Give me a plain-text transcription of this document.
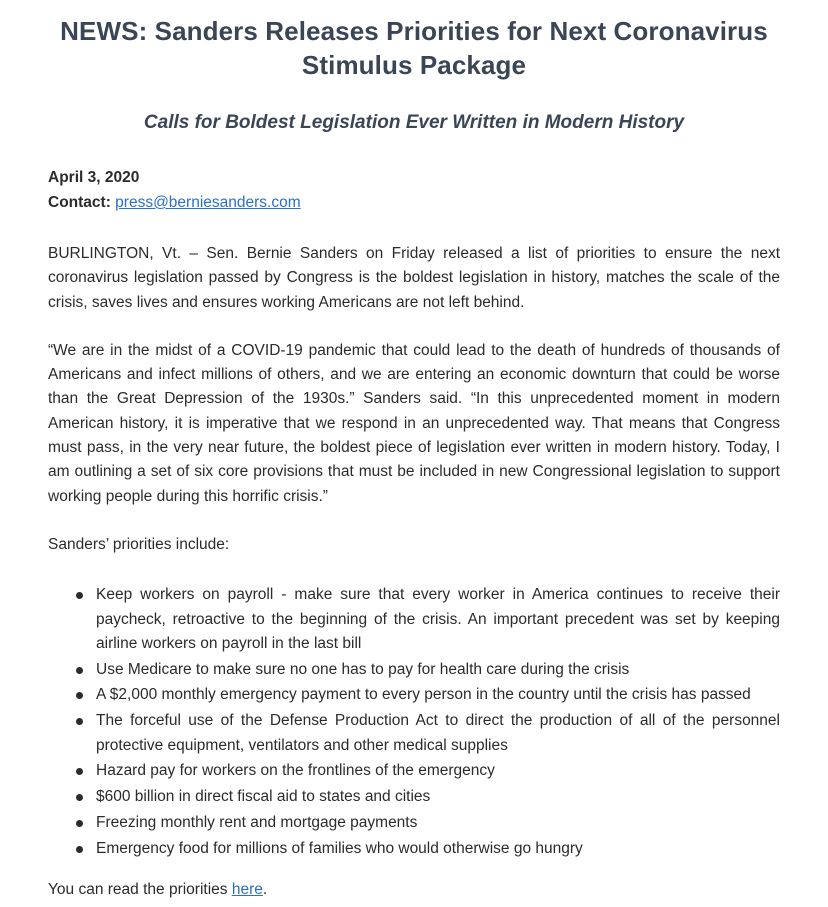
NEWS: Sanders Releases Priorities for Next Coronavirus Stimulus Package
Calls for Boldest Legislation Ever Written in Modern History
April 3, 2020
Contact: press@berniesanders.com

BURLINGTON, Vt. – Sen. Bernie Sanders on Friday released a list of priorities to ensure the next coronavirus legislation passed by Congress is the boldest legislation in history, matches the scale of the crisis, saves lives and ensures working Americans are not left behind.

“We are in the midst of a COVID-19 pandemic that could lead to the death of hundreds of thousands of Americans and infect millions of others, and we are entering an economic downturn that could be worse than the Great Depression of the 1930s.” Sanders said. “In this unprecedented moment in modern American history, it is imperative that we respond in an unprecedented way. That means that Congress must pass, in the very near future, the boldest piece of legislation ever written in modern history. Today, I am outlining a set of six core provisions that must be included in new Congressional legislation to support working people during this horrific crisis.”

Sanders’ priorities include:

Keep workers on payroll - make sure that every worker in America continues to receive their paycheck, retroactive to the beginning of the crisis. An important precedent was set by keeping airline workers on payroll in the last bill
Use Medicare to make sure no one has to pay for health care during the crisis
A $2,000 monthly emergency payment to every person in the country until the crisis has passed
The forceful use of the Defense Production Act to direct the production of all of the personnel protective equipment, ventilators and other medical supplies
Hazard pay for workers on the frontlines of the emergency
$600 billion in direct fiscal aid to states and cities
Freezing monthly rent and mortgage payments
Emergency food for millions of families who would otherwise go hungry

You can read the priorities here.
